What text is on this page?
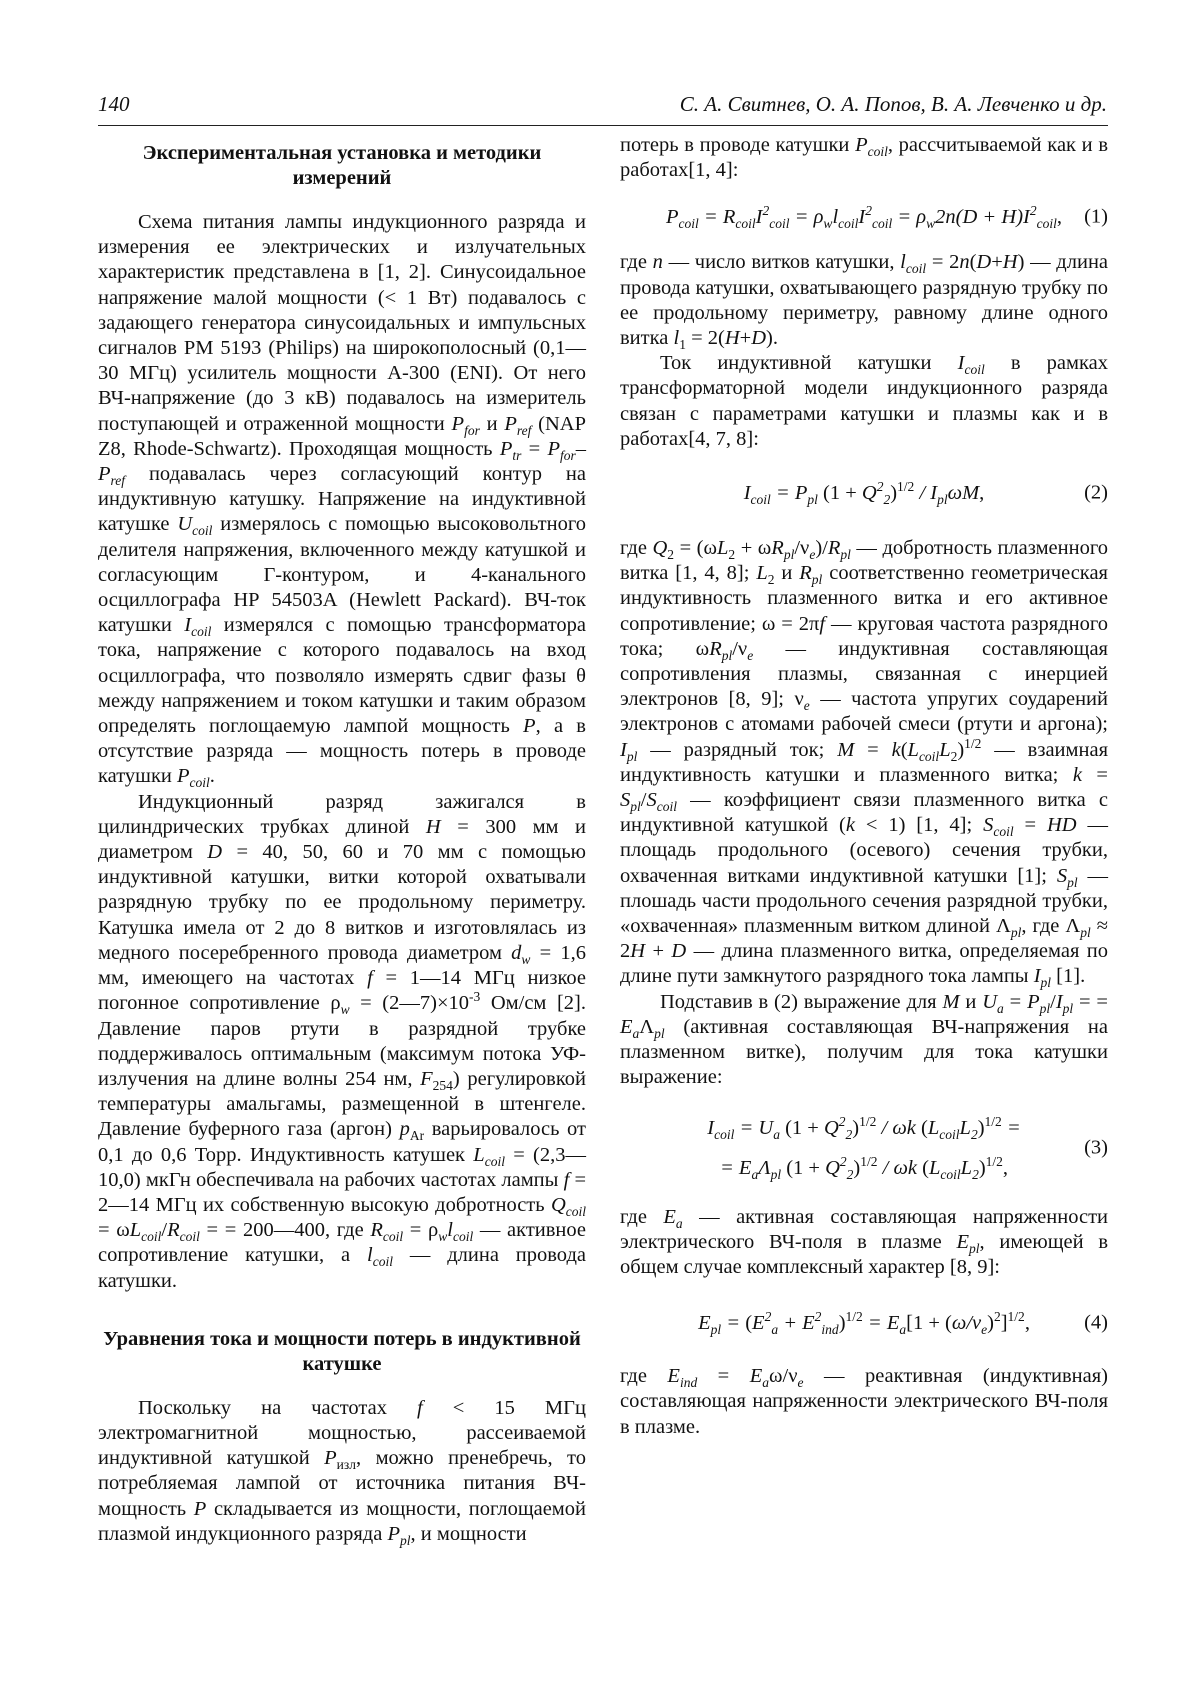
140	С. А. Свитнев, О. А. Попов, В. А. Левченко и др.
Экспериментальная установка и методики измерений

Схема питания лампы индукционного разряда и измерения ее электрических и излучательных характеристик представлена в [1, 2]. Синусоидальное напряжение малой мощности (< 1 Вт) подавалось с задающего генератора синусоидальных и импульсных сигналов PM 5193 (Philips) на широкополосный (0,1—30 МГц) усилитель мощности A-300 (ENI). От него ВЧ-напряжение (до 3 кВ) подавалось на измеритель поступающей и отраженной мощности $P_{for}$ и $P_{ref}$ (NAP Z8, Rhode-Schwartz). Проходящая мощность $P_{tr} = P_{for}-P_{ref}$ подавалась через согласующий контур на индуктивную катушку. Напряжение на индуктивной катушке $U_{coil}$ измерялось с помощью высоковольтного делителя напряжения, включенного между катушкой и согласующим Г-контуром, и 4-канального осциллографа HP 54503A (Hewlett Packard). ВЧ-ток катушки $I_{coil}$ измерялся с помощью трансформатора тока, напряжение с которого подавалось на вход осциллографа, что позволяло измерять сдвиг фазы θ между напряжением и током катушки и таким образом определять поглощаемую лампой мощность P, а в отсутствие разряда — мощность потерь в проводе катушки $P_{coil}$.

Индукционный разряд зажигался в цилиндрических трубках длиной H = 300 мм и диаметром D = 40, 50, 60 и 70 мм с помощью индуктивной катушки, витки которой охватывали разрядную трубку по ее продольному периметру. Катушка имела от 2 до 8 витков и изготовлялась из медного посеребренного провода диаметром $d_w = 1,6$ мм, имеющего на частотах f = 1—14 МГц низкое погонное сопротивление $\rho_w$ = $(2—7)\times 10^{-3}$ Ом/см [2]. Давление паров ртути в разрядной трубке поддерживалось оптимальным (максимум потока УФ-излучения на длине волны 254 нм, $F_{254}$) регулировкой температуры амальгамы, размещенной в штенгеле. Давление буферного газа (аргон) $p_{Ar}$ варьировалось от 0,1 до 0,6 Торр. Индуктивность катушек $L_{coil}$ = (2,3—10,0) мкГн обеспечивала на рабочих частотах лампы f = 2—14 МГц их собственную высокую добротность $Q_{coil} = \omega L_{coil}/R_{coil}$ = = 200—400, где $R_{coil} = \rho_wl_{coil}$ — активное сопротивление катушки, а $l_{coil}$ — длина провода катушки.

Уравнения тока и мощности потерь в индуктивной катушке

Поскольку на частотах f < 15 МГц электромагнитной мощностью, рассеиваемой индуктивной катушкой $P_{изл}$, можно пренебречь, то потребляемая лампой от источника питания ВЧ-мощность P складывается из мощности, поглощаемой плазмой индукционного разряда $P_{pl}$, и мощности

потерь в проводе катушки $P_{coil}$, рассчитываемой как и в работах[1, 4]:

$P_{coil} = R_{coil}I^2_{coil} = \rho_wl_{coil}I^2_{coil} = \rho_w2n(D + H)I^2_{coil}$, (1)

где n — число витков катушки, $l_{coil} = 2n(D+H)$ — длина провода катушки, охватывающего разрядную трубку по ее продольному периметру, равному длине одного витка $l_1 = 2(H+D)$.

Ток индуктивной катушки $I_{coil}$ в рамках трансформаторной модели индукционного разряда связан с параметрами катушки и плазмы как и в работах[4, 7, 8]:

$I_{coil} = P_{pl}$ $(1 + Q^2_2)^{1/2} / I_{pl}\omega M$,	(2)

где $Q_2 = (\omega L_2 + \omega R_{pl}/\nu_e)/R_{pl}$ — добротность плазменного витка [1, 4, 8]; $L_2$ и $R_{pl}$ соответственно геометрическая индуктивность плазменного витка и его активное сопротивление; ω = 2πf — круговая частота разрядного тока; $\omega R_{pl}/\nu_e$ — индуктивная составляющая сопротивления плазмы, связанная с инерцией электронов [8, 9]; $\nu_e$ — частота упругих соударений электронов с атомами рабочей смеси (ртути и аргона); $I_{pl}$ — разрядный ток; $M = k(L_{coil}L_2)^{1/2}$ — взаимная индуктивность катушки и плазменного витка; $k = S_{pl}/S_{coil}$ — коэффициент связи плазменного витка с индуктивной катушкой (k < 1) [1, 4]; $S_{coil}$ = HD — площадь продольного (осевого) сечения трубки, охваченная витками индуктивной катушки [1]; $S_{pl}$ — плошадь части продольного сечения разрядной трубки, «охваченная» плазменным витком длиной $\Lambda_{pl}$, где $\Lambda_{pl} \approx 2H + D$ — длина плазменного витка, определяемая по длине пути замкнутого разрядного тока лампы $I_{pl}$ [1].

Подставив в (2) выражение для M и $U_a = P_{pl}/I_{pl}$ = = $E_a\Lambda_{pl}$ (активная составляющая ВЧ-напряжения на плазменном витке), получим для тока катушки выражение:

$I_{coil} = U_a$ $(1 + Q^2_2)^{1/2} / \omega k$ $(L_{coil}L_2)^{1/2}$ =
= $E_a\Lambda_{pl}$ $(1 + Q^2_2)^{1/2} / \omega k$ $(L_{coil}L_2)^{1/2}$,
(3)

где $E_a$ — активная составляющая напряженности электрического ВЧ-поля в плазме $E_{pl}$, имеющей в общем случае комплексный характер [8, 9]:

$E_{pl} = (E^2_a + E^2_{ind})^{1/2} = E_a[1 + (\omega/\nu_e)^2]^{1/2}$,	(4)

где $E_{ind} = E_a\omega/\nu_e$ — реактивная (индуктивная) составляющая напряженности электрического ВЧ-поля в плазме.
